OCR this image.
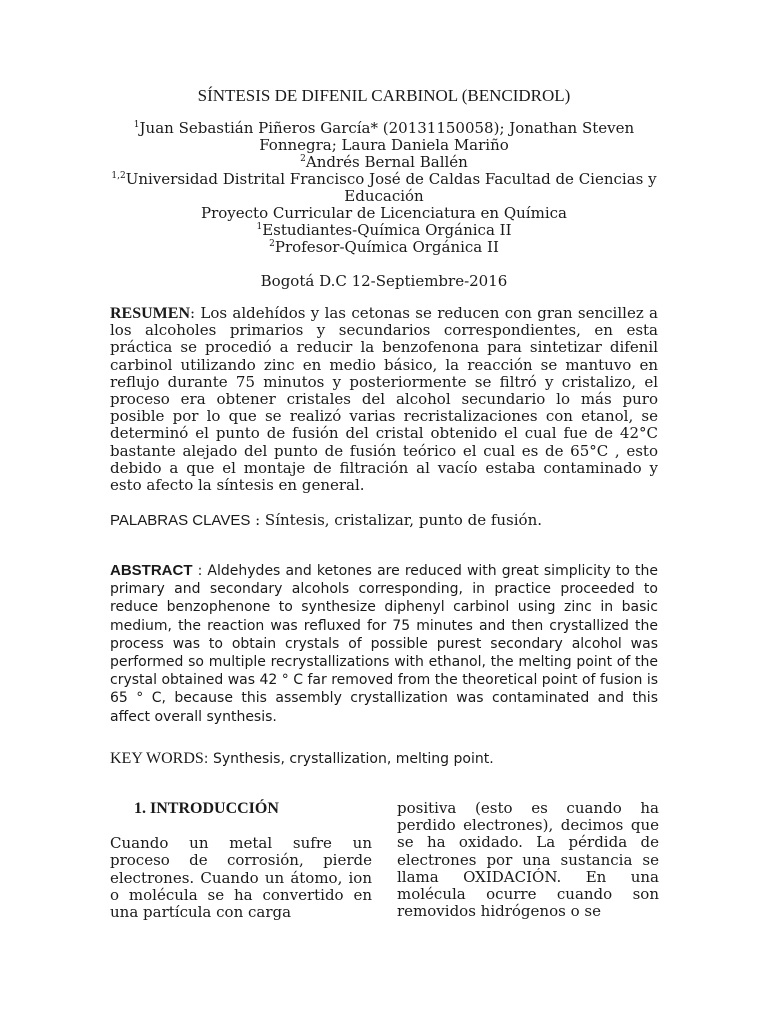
SÍNTESIS DE DIFENIL CARBINOL (BENCIDROL)
$^1$Juan Sebastián Piñeros García* (20131150058); Jonathan Steven Fonnegra; Laura Daniela Mariño
$^2$Andrés Bernal Ballén
$^{1,2}$Universidad Distrital Francisco José de Caldas Facultad de Ciencias y Educación
Proyecto Curricular de Licenciatura en Química
$^1$Estudiantes-Química Orgánica II
$^2$Profesor-Química Orgánica II
Bogotá D.C 12-Septiembre-2016
RESUMEN: Los aldehídos y las cetonas se reducen con gran sencillez a los alcoholes primarios y secundarios correspondientes, en esta práctica se procedió a reducir la benzofenona para sintetizar difenil carbinol utilizando zinc en medio básico, la reacción se mantuvo en reflujo durante 75 minutos y posteriormente se filtró y cristalizo, el proceso era obtener cristales del alcohol secundario lo más puro posible por lo que se realizó varias recristalizaciones con etanol, se determinó el punto de fusión del cristal obtenido el cual fue de 42°C bastante alejado del punto de fusión teórico el cual es de 65°C , esto debido a que el montaje de filtración al vacío estaba contaminado y esto afecto la síntesis en general.
PALABRAS CLAVES : Síntesis, cristalizar, punto de fusión.
ABSTRACT : Aldehydes and ketones are reduced with great simplicity to the primary and secondary alcohols corresponding, in practice proceeded to reduce benzophenone to synthesize diphenyl carbinol using zinc in basic medium, the reaction was refluxed for 75 minutes and then crystallized the process was to obtain crystals of possible purest secondary alcohol was performed so multiple recrystallizations with ethanol, the melting point of the crystal obtained was 42 ° C far removed from the theoretical point of fusion is 65 ° C, because this assembly crystallization was contaminated and this affect overall synthesis.
KEY WORDS: Synthesis, crystallization, melting point.
1. INTRODUCCIÓN
Cuando un metal sufre un proceso de corrosión, pierde electrones. Cuando un átomo, ion o molécula se ha convertido en una partícula con carga
positiva (esto es cuando ha perdido electrones), decimos que se ha oxidado. La pérdida de electrones por una sustancia se llama OXIDACIÓN. En una molécula ocurre cuando son removidos hidrógenos o se
